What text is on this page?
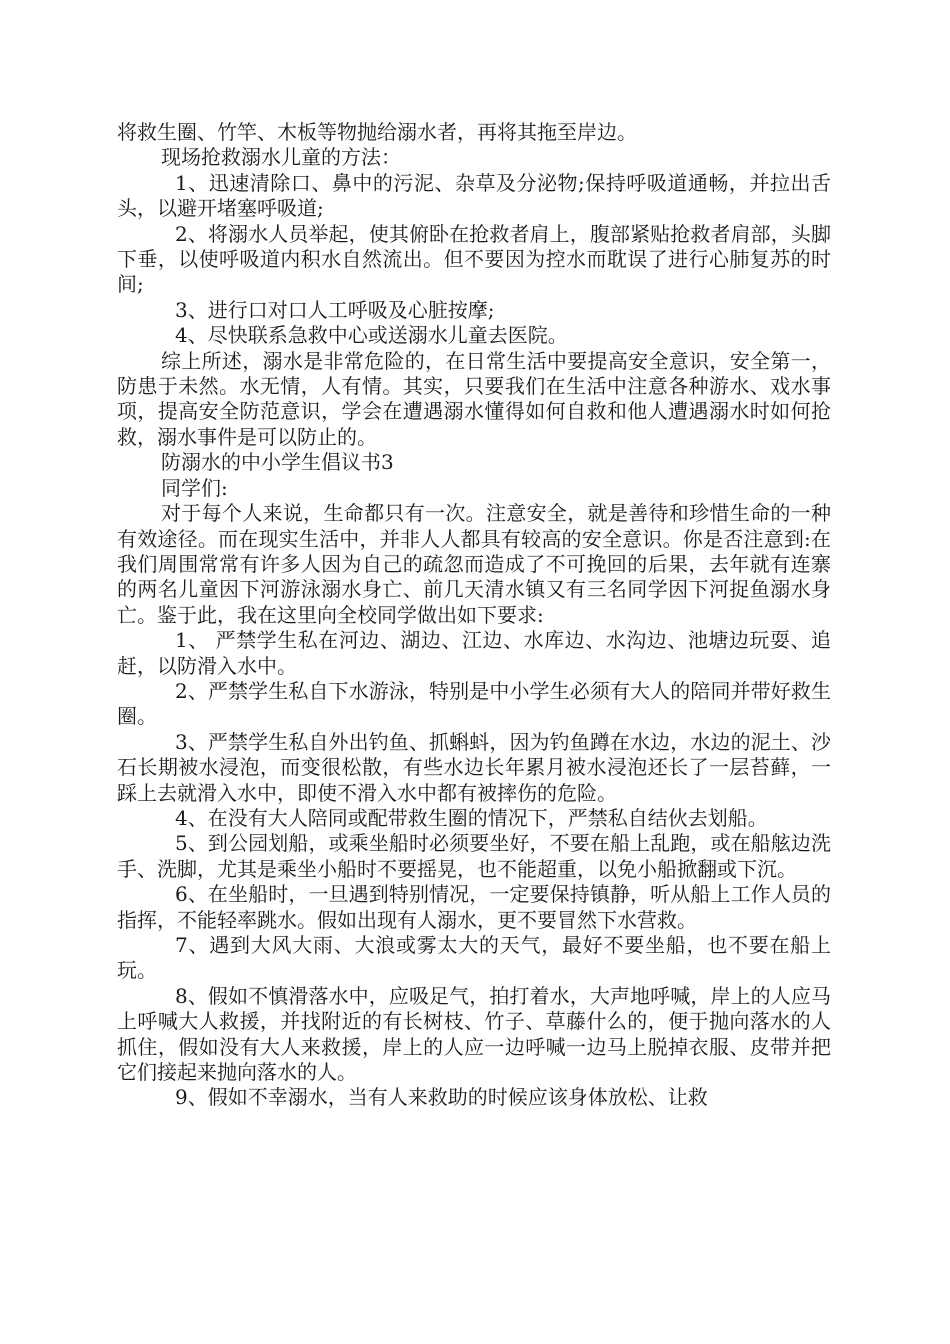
将救生圈、竹竿、木板等物抛给溺水者，再将其拖至岸边。

现场抢救溺水儿童的方法：

1、迅速清除口、鼻中的污泥、杂草及分泌物;保持呼吸道通畅，并拉出舌头，以避开堵塞呼吸道;

2、将溺水人员举起，使其俯卧在抢救者肩上，腹部紧贴抢救者肩部，头脚下垂，以使呼吸道内积水自然流出。但不要因为控水而耽误了进行心肺复苏的时间;

3、进行口对口人工呼吸及心脏按摩;

4、尽快联系急救中心或送溺水儿童去医院。

综上所述，溺水是非常危险的，在日常生活中要提高安全意识，安全第一，防患于未然。水无情，人有情。其实，只要我们在生活中注意各种游水、戏水事项，提高安全防范意识，学会在遭遇溺水懂得如何自救和他人遭遇溺水时如何抢救，溺水事件是可以防止的。

防溺水的中小学生倡议书3

同学们:

对于每个人来说，生命都只有一次。注意安全，就是善待和珍惜生命的一种有效途径。而在现实生活中，并非人人都具有较高的安全意识。你是否注意到:在我们周围常常有许多人因为自己的疏忽而造成了不可挽回的后果，去年就有连寨的两名儿童因下河游泳溺水身亡、前几天清水镇又有三名同学因下河捉鱼溺水身亡。鉴于此，我在这里向全校同学做出如下要求:

1、 严禁学生私在河边、湖边、江边、水库边、水沟边、池塘边玩耍、追赶，以防滑入水中。

2、严禁学生私自下水游泳，特别是中小学生必须有大人的陪同并带好救生圈。

3、严禁学生私自外出钓鱼、抓蝌蚪，因为钓鱼蹲在水边，水边的泥土、沙石长期被水浸泡，而变很松散，有些水边长年累月被水浸泡还长了一层苔藓，一踩上去就滑入水中，即使不滑入水中都有被摔伤的危险。

4、在没有大人陪同或配带救生圈的情况下，严禁私自结伙去划船。

5、到公园划船，或乘坐船时必须要坐好，不要在船上乱跑，或在船舷边洗手、洗脚，尤其是乘坐小船时不要摇晃，也不能超重，以免小船掀翻或下沉。

6、在坐船时，一旦遇到特别情况，一定要保持镇静，听从船上工作人员的指挥，不能轻率跳水。假如出现有人溺水，更不要冒然下水营救。

7、遇到大风大雨、大浪或雾太大的天气，最好不要坐船，也不要在船上玩。

8、假如不慎滑落水中，应吸足气，拍打着水，大声地呼喊，岸上的人应马上呼喊大人救援，并找附近的有长树枝、竹子、草藤什么的，便于抛向落水的人抓住，假如没有大人来救援，岸上的人应一边呼喊一边马上脱掉衣服、皮带并把它们接起来抛向落水的人。

9、假如不幸溺水，当有人来救助的时候应该身体放松、让救
